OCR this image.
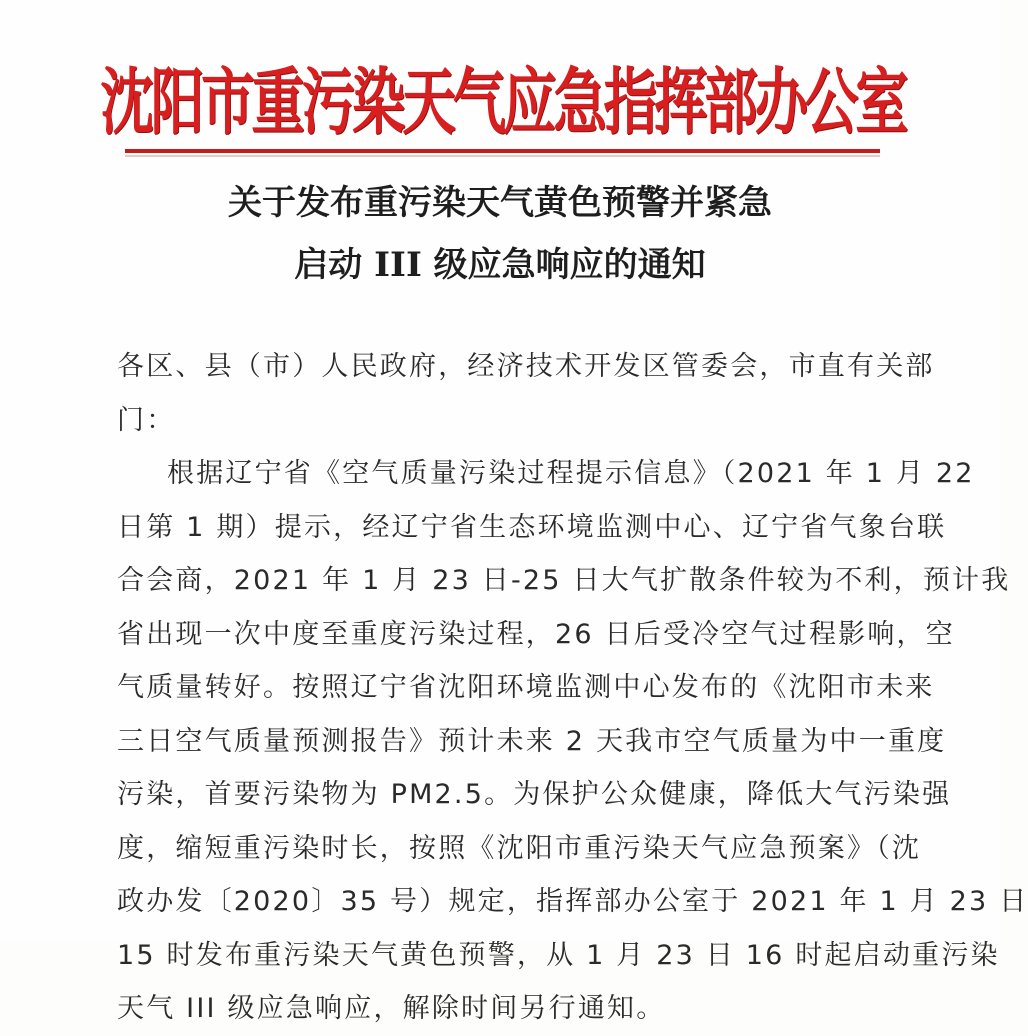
沈阳市重污染天气应急指挥部办公室
关于发布重污染天气黄色预警并紧急
启动 III 级应急响应的通知
各区、县（市）人民政府，经济技术开发区管委会，市直有关部
门：
根据辽宁省《空气质量污染过程提示信息》（2021 年 1 月 22
日第 1 期）提示，经辽宁省生态环境监测中心、辽宁省气象台联
合会商，2021 年 1 月 23 日-25 日大气扩散条件较为不利，预计我
省出现一次中度至重度污染过程，26 日后受冷空气过程影响，空
气质量转好。按照辽宁省沈阳环境监测中心发布的《沈阳市未来
三日空气质量预测报告》预计未来 2 天我市空气质量为中一重度
污染，首要污染物为 PM2.5。为保护公众健康，降低大气污染强
度，缩短重污染时长，按照《沈阳市重污染天气应急预案》（沈
政办发〔2020〕35 号）规定，指挥部办公室于 2021 年 1 月 23 日
15 时发布重污染天气黄色预警，从 1 月 23 日 16 时起启动重污染
天气 III 级应急响应，解除时间另行通知。
